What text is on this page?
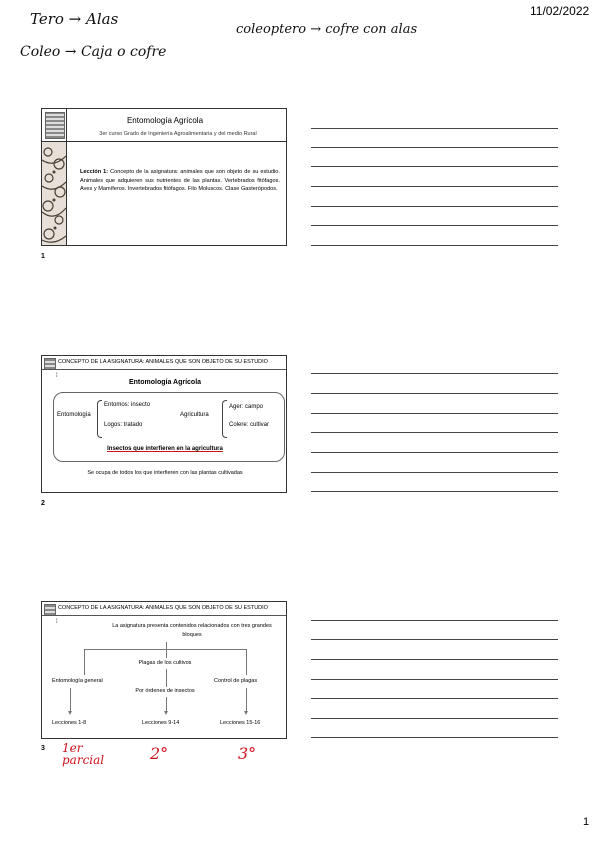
11/02/2022
Tero → Alas
Coleo → Caja o cofre
coleoptero → cofre con alas
Entomología Agrícola
3er curso Grado de Ingeniería Agroalimentaria y del medio Rural
Lección 1: Concepto de la asignatura: animales que son objeto de su estudio. Animales que adquieren sus nutrientes de las plantas. Vertebrados fitófagos. Aves y Mamíferos. Invertebrados fitófagos. Filo Moluscos. Clase Gasterópodos.
1
CONCEPTO DE LA ASIGNATURA: ANIMALES QUE SON OBJETO DE SU ESTUDIO
⁞
Entomología Agrícola
Entomología
Entomos: insecto
Logos: tratado
Agricultura
Ager: campo
Colere: cultivar
Insectos que interfieren en la agricultura
Se ocupa de todos los que interfieren con las plantas cultivadas
2
CONCEPTO DE LA ASIGNATURA: ANIMALES QUE SON OBJETO DE SU ESTUDIO
⁞
La asignatura presenta contenidos relacionados con tres grandes bloques
Plagas de los cultivos
Entomología general
Por órdenes de insectos
Control de plagas
Lecciones 1-8	Lecciones 9-14	Lecciones 15-16
3 1er parcial	2°	3°
1
